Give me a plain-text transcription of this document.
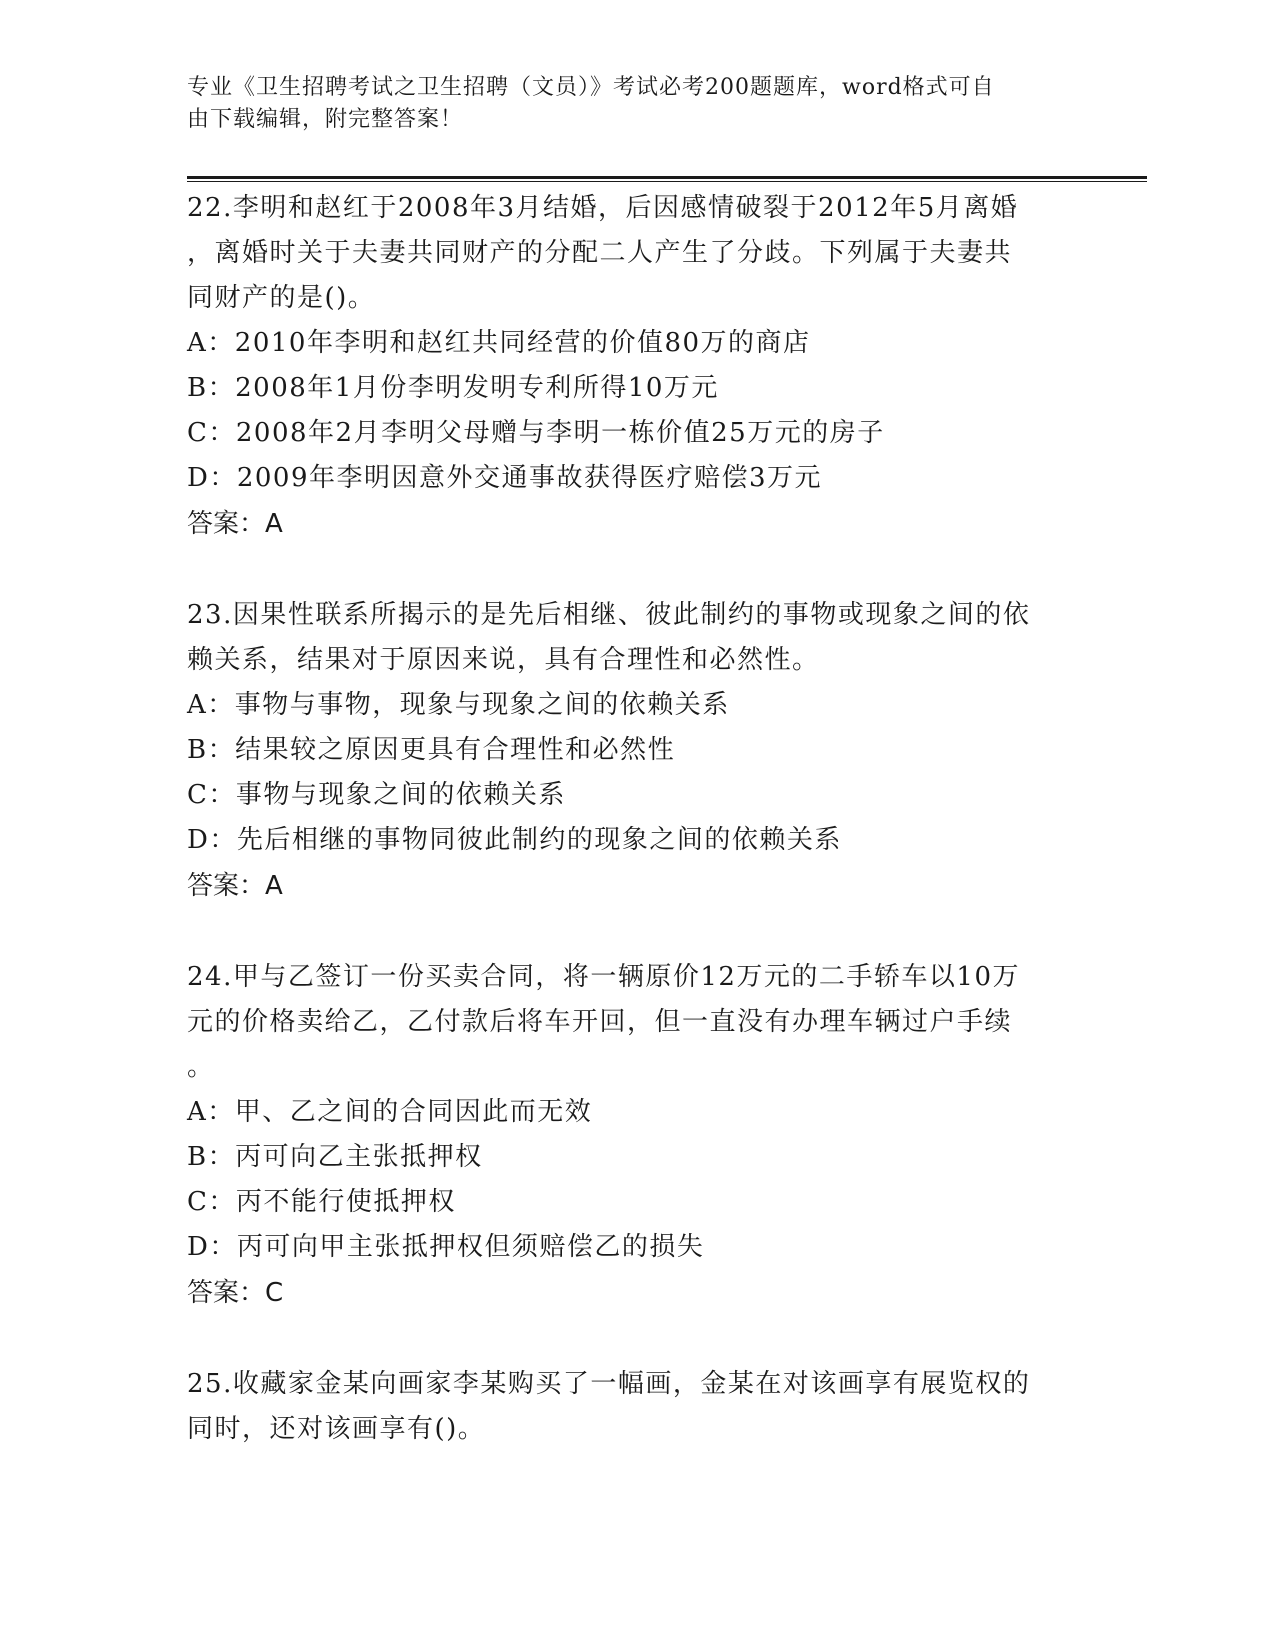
专业《卫生招聘考试之卫生招聘（文员）》考试必考200题题库，word格式可自
由下载编辑，附完整答案！

22.李明和赵红于2008年3月结婚，后因感情破裂于2012年5月离婚

，离婚时关于夫妻共同财产的分配二人产生了分歧。下列属于夫妻共

同财产的是()。

A：2010年李明和赵红共同经营的价值80万的商店

B：2008年1月份李明发明专利所得10万元

C：2008年2月李明父母赠与李明一栋价值25万元的房子

D：2009年李明因意外交通事故获得医疗赔偿3万元

答案：A

23.因果性联系所揭示的是先后相继、彼此制约的事物或现象之间的依

赖关系，结果对于原因来说，具有合理性和必然性。

A：事物与事物，现象与现象之间的依赖关系

B：结果较之原因更具有合理性和必然性

C：事物与现象之间的依赖关系

D：先后相继的事物同彼此制约的现象之间的依赖关系

答案：A

24.甲与乙签订一份买卖合同，将一辆原价12万元的二手轿车以10万

元的价格卖给乙，乙付款后将车开回，但一直没有办理车辆过户手续

。

A：甲、乙之间的合同因此而无效

B：丙可向乙主张抵押权

C：丙不能行使抵押权

D：丙可向甲主张抵押权但须赔偿乙的损失

答案：C

25.收藏家金某向画家李某购买了一幅画，金某在对该画享有展览权的

同时，还对该画享有()。
